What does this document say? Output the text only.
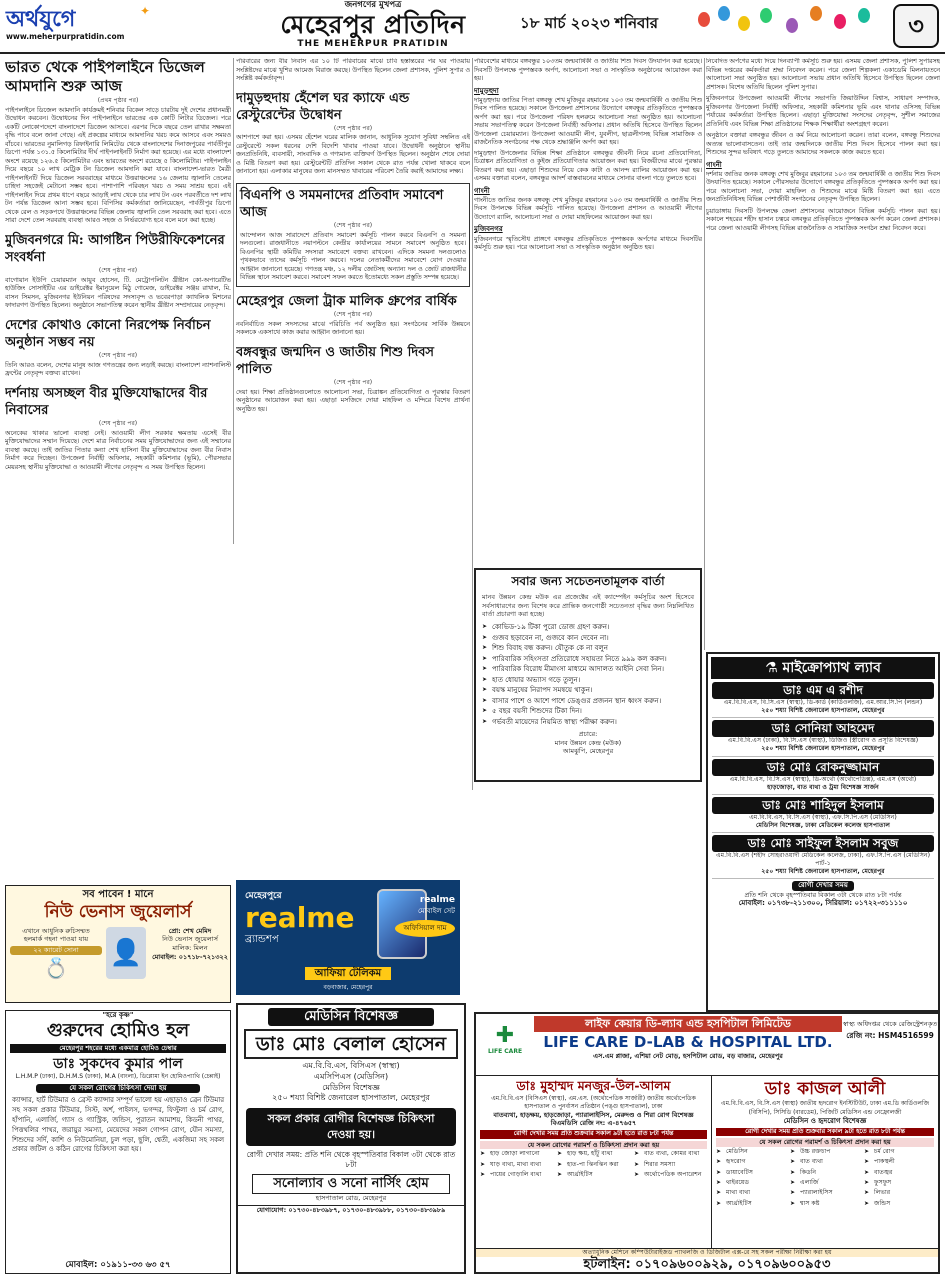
অর্থযুগে
www.meherpurpratidin.com
✦	জনগণের মুখপত্র
মেহেরপুর প্রতিদিন
THE MEHERPUR PRATIDIN
১৮ মার্চ ২০২৩ শনিবার	৩
ভারত থেকে পাইপলাইনে ডিজেল আমদানি শুরু আজ
(প্রথম পৃষ্ঠার পর)
পাইপলাইনে ডিজেল আমদানি কার্যক্রমই শনিবার বিকেল সাড়ে চারটায় দুই দেশের প্রধানমন্ত্রী উদ্বোধন করবেন। উদ্বোধনের দিন পাইপলাইনে ভারতের এক কোটি লিটার ডিজেল। পরে একটি লোকোপদেশে বাংলাদেশে ডিজেল আসবে। এরপর দিকে বছরে তেল রাখার সক্ষমতা বৃদ্ধি পাবে বলে জানা গেছে। এই প্রকল্পের মাধ্যমে আমদানির খরচ কমে আসবে এবং সময়ও বাঁচবে। ভারতের নুমালিগড় রিফাইনারি লিমিটেড থেকে বাংলাদেশের দিনাজপুরের পার্বতীপুর ডিপো পর্যন্ত ১৩১.৫ কিলোমিটার দীর্ঘ পাইপলাইনটি নির্মাণ করা হয়েছে। এর মধ্যে বাংলাদেশ অংশে রয়েছে ১২৬.৫ কিলোমিটার এবং ভারতের অংশে রয়েছে ৫ কিলোমিটার। পাইপলাইন দিয়ে বছরে ১০ লাখ মেট্রিক টন ডিজেল আমদানি করা যাবে। বাংলাদেশ-ভারত মৈত্রী পাইপলাইনটি দিয়ে ডিজেল সরবরাহের মাধ্যমে উত্তরাঞ্চলের ১৬ জেলায় জ্বালানি তেলের চাহিদা সহজেই মেটানো সম্ভব হবে। পাশাপাশি পরিবহন খরচ ও সময় সাশ্রয় হবে। এই পাইপলাইন দিয়ে প্রথম ধাপে বছরে আড়াই লাখ থেকে চার লাখ টন এবং পরবর্তীতে দশ লাখ টন পর্যন্ত ডিজেল আনা সম্ভব হবে। বিপিসির কর্মকর্তারা জানিয়েছেন, পার্বতীপুর ডিপো থেকে রেল ও সড়কপথে উত্তরাঞ্চলের বিভিন্ন জেলায় জ্বালানি তেল সরবরাহ করা হবে। এতে সারা দেশে তেল সরবরাহ ব্যবস্থা আরও সহজ ও নির্ভরযোগ্য হবে বলে মনে করা হচ্ছে।
মুজিবনগরে মি: আগষ্টিন পিউরীফিকেশনের সংবর্ধনা
(শেষ পৃষ্ঠার পর)
বাগোয়ান ইউপি চেয়ারম্যান আয়ুব হোসেন, টি. মেট্রোপলিটন খ্রীষ্টান কো-অপারেটিভ হাউজিং সোসাইটির এর ডাইরেক্টর ইমানুয়েল মিঠু গোমেজ, ডাইরেক্টর সঞ্জয় রাখাল, মি. বাসন সিমসন, মুজিবনগর ইউনিয়ন পরিষদের সদস্যবৃন্দ ও ভবেরপাড়া ক্যাথলিক মিশনের ফাদারগণ উপস্থিত ছিলেন। অনুষ্ঠানে সভাপতিত্ব করেন স্থানীয় খ্রীষ্টান সম্প্রদায়ের নেতৃবৃন্দ।
দেশের কোথাও কোনো নিরপেক্ষ নির্বাচন অনুষ্ঠান সম্ভব নয়
(শেষ পৃষ্ঠার পর)
তিনি আরও বলেন, দেশের মানুষ আজ গণতন্ত্রের জন্য লড়াই করছে। বাংলাদেশ ন্যাশনালিস্ট ফ্রন্টের নেতৃবৃন্দ বক্তব্য রাখেন।
দর্শনায় অসচ্ছল বীর মুক্তিযোদ্ধাদের বীর নিবাসের
(শেষ পৃষ্ঠার পর)
অনেকের থাকার ভালো ব্যবস্থা নেই। আওয়ামী লীগ সরকার ক্ষমতায় এসেই বীর মুক্তিযোদ্ধাদের সম্মান দিয়েছে। দেশে মাত্র নির্বাচনের সময় মুক্তিযোদ্ধাদের জন্য এই সম্মানের ব্যবস্থা করছে। তাই জাতির পিতার কন্যা শেখ হাসিনা বীর মুক্তিযোদ্ধাদের জন্য বীর নিবাস নির্মাণ করে দিচ্ছেন। উপজেলা নির্বাহী অফিসার, সহকারী কমিশনার (ভূমি), পৌরসভার মেয়রসহ স্থানীয় মুক্তিযোদ্ধা ও আওয়ামী লীগের নেতৃবৃন্দ এ সময় উপস্থিত ছিলেন।
পরিবারের জন্য বীর নিবাস এর ১০ টি পরিবারের মাঝে চাবি হস্তান্তরের পর ঘর পাওয়ায় সংশ্লিষ্টদের মাঝে খুশির আমেজ বিরাজ করছে। উপস্থিত ছিলেন জেলা প্রশাসক, পুলিশ সুপার ও সংশ্লিষ্ট কর্মকর্তাবৃন্দ।
দামুড়হুদায় হেঁশেল ঘর ক্যাফে এন্ড রেস্টুরেন্টের উদ্বোধন
(শেষ পৃষ্ঠার পর)
আশপাশে করা হয়। এসময় হেঁশেল ঘরের মালিক জানান, আধুনিক সুযোগ সুবিধা সম্বলিত এই রেস্টুরেন্টে সকল ধরনের দেশি বিদেশি খাবার পাওয়া যাবে। উদ্বোধনী অনুষ্ঠানে স্থানীয় জনপ্রতিনিধি, ব্যবসায়ী, সাংবাদিক ও গণ্যমান্য ব্যক্তিবর্গ উপস্থিত ছিলেন। অনুষ্ঠান শেষে দোয়া ও মিষ্টি বিতরণ করা হয়। রেস্টুরেন্টটি প্রতিদিন সকাল থেকে রাত পর্যন্ত খোলা থাকবে বলে জানানো হয়। এলাকার মানুষের জন্য মানসম্মত খাবারের পরিবেশ তৈরি করাই আমাদের লক্ষ্য।
বিএনপি ও সমমনাদের প্রতিবাদ সমাবেশ আজ
(শেষ পৃষ্ঠার পর)
আন্দোলন আজ সারাদেশে প্রতিবাদ সমাবেশ কর্মসূচি পালন করবে বিএনপি ও সমমনা দলগুলো। রাজধানীতে নয়াপল্টনে কেন্দ্রীয় কার্যালয়ের সামনে সমাবেশ অনুষ্ঠিত হবে। বিএনপির স্থায়ী কমিটির সদস্যরা সমাবেশে বক্তব্য রাখবেন। এদিকে সমমনা দলগুলোও পৃথকভাবে তাদের কর্মসূচি পালন করবে। দলের নেতাকর্মীদের সমাবেশে যোগ দেওয়ার আহ্বান জানানো হয়েছে। গণতন্ত্র মঞ্চ, ১২ দলীয় জোটসহ অন্যান্য দল ও জোট রাজধানীর বিভিন্ন স্থানে সমাবেশ করবে। সমাবেশ সফল করতে ইতোমধ্যে সকল প্রস্তুতি সম্পন্ন হয়েছে।
মেহেরপুর জেলা ট্রাক মালিক গ্রুপের বার্ষিক
(শেষ পৃষ্ঠার পর)
নবনির্বাচিত সকল সদস্যদের মাঝে পরিচিতি পর্ব অনুষ্ঠিত হয়। সংগঠনের সার্বিক উন্নয়নে সকলকে একসাথে কাজ করার আহ্বান জানানো হয়।
বঙ্গবন্ধুর জন্মদিন ও জাতীয় শিশু দিবস পালিত
(শেষ পৃষ্ঠার পর)
দেয়া হয়। শিক্ষা প্রতিষ্ঠানগুলোতে আলোচনা সভা, চিত্রাঙ্কন প্রতিযোগিতা ও পুরস্কার বিতরণ অনুষ্ঠানের আয়োজন করা হয়। এছাড়া মসজিদে দোয়া মাহফিল ও মন্দিরে বিশেষ প্রার্থনা অনুষ্ঠিত হয়।
পরিবেশের মাধ্যমে বঙ্গবন্ধুর ১০৩তম জন্মবার্ষিকী ও জাতীয় শিশু দিবস উদযাপন করা হয়েছে। দিবসটি উপলক্ষে পুষ্পস্তবক অর্পণ, আলোচনা সভা ও সাংস্কৃতিক অনুষ্ঠানের আয়োজন করা হয়।
দামুড়হুদা
দামুড়হুদায় জাতির পিতা বঙ্গবন্ধু শেখ মুজিবুর রহমানের ১০৩ তম জন্মবার্ষিকী ও জাতীয় শিশু দিবস পালিত হয়েছে। সকালে উপজেলা প্রশাসনের উদ্যোগে বঙ্গবন্ধুর প্রতিকৃতিতে পুষ্পস্তবক অর্পণ করা হয়। পরে উপজেলা পরিষদ হলরুমে আলোচনা সভা অনুষ্ঠিত হয়। আলোচনা সভায় সভাপতিত্ব করেন উপজেলা নির্বাহী অফিসার। প্রধান অতিথি হিসেবে উপস্থিত ছিলেন উপজেলা চেয়ারম্যান। উপজেলা আওয়ামী লীগ, যুবলীগ, ছাত্রলীগসহ বিভিন্ন সামাজিক ও রাজনৈতিক সংগঠনের পক্ষ থেকে শ্রদ্ধাঞ্জলি অর্পণ করা হয়।
দামুড়হুদা উপজেলার বিভিন্ন শিক্ষা প্রতিষ্ঠানে বঙ্গবন্ধুর জীবনী নিয়ে রচনা প্রতিযোগিতা, চিত্রাঙ্কন প্রতিযোগিতা ও কুইজ প্রতিযোগিতার আয়োজন করা হয়। বিজয়ীদের মাঝে পুরস্কার বিতরণ করা হয়। এছাড়া শিশুদের নিয়ে কেক কাটা ও আনন্দ র‍্যালির আয়োজন করা হয়। এসময় বক্তারা বলেন, বঙ্গবন্ধুর আদর্শ বাস্তবায়নের মাধ্যমে সোনার বাংলা গড়ে তুলতে হবে।
গাংনী
গাংনীতে জাতির জনক বঙ্গবন্ধু শেখ মুজিবুর রহমানের ১০৩ তম জন্মবার্ষিকী ও জাতীয় শিশু দিবস উপলক্ষে বিভিন্ন কর্মসূচি পালিত হয়েছে। উপজেলা প্রশাসন ও আওয়ামী লীগের উদ্যোগে র‍্যালি, আলোচনা সভা ও দোয়া মাহফিলের আয়োজন করা হয়।
মুজিবনগর
মুজিবনগরে স্মৃতিসৌধ প্রাঙ্গণে বঙ্গবন্ধুর প্রতিকৃতিতে পুষ্পস্তবক অর্পণের মাধ্যমে দিবসটির কর্মসূচি শুরু হয়। পরে আলোচনা সভা ও সাংস্কৃতিক অনুষ্ঠান অনুষ্ঠিত হয়।
সবার জন্য সচেতনতামূলক বার্তা
মানব উন্নয়ন কেন্দ্র মউক এর প্রজেক্টের এই ক্যাম্পেইন কর্মসূচির অংশ হিসেবে সর্বসাধারণের জন্য বিশেষ করে প্রান্তিক জনগোষ্ঠী সচেতনতা বৃদ্ধির জন্য নিম্নলিখিত বার্তা প্রচারণা করা হচ্ছে।
➤ কোভিড-১৯ টিকা পুরো ডোজ গ্রহণ করুন।
➤ গুজব ছড়াবেন না, গুজবে কান দেবেন না।
➤ শিশু বিবাহ বন্ধ করুন। যৌতুক কে না বলুন
➤ পারিবারিক সহিংসতা প্রতিরোধে সহায়তা নিতে ৯৯৯ কল করুন।
➤ পারিবারিক বিরোধ মীমাংসা মাধ্যমে আদালত আইনি সেবা নিন।
➤ হাত ধোয়ার অভ্যাস গড়ে তুলুন।
➤ বয়স্ক মানুষের নিরাপদ সমন্বয়ে থাকুন।
➤ বাসার পাশে ও আশে পাশে ডেঙ্গুর প্রজনন স্থান ধ্বংস করুন।
➤ ৫ বছর বয়সী শিশুদের টিকা দিন।
➤ গর্ভবতী মায়েদের নিয়মিত স্বাস্থ্য পরীক্ষা করুন।
প্রচারে:
মানব উন্নয়ন কেন্দ্র (মউক)
আমঝুপি, মেহেরপুর
নিবেদিত অর্পণের মধ্যে দিয়ে দিনব্যাপী কর্মসূচি শুরু হয়। এসময় জেলা প্রশাসক, পুলিশ সুপারসহ বিভিন্ন দপ্তরের কর্মকর্তারা শ্রদ্ধা নিবেদন করেন। পরে জেলা শিল্পকলা একাডেমি মিলনায়তনে আলোচনা সভা অনুষ্ঠিত হয়। আলোচনা সভায় প্রধান অতিথি হিসেবে উপস্থিত ছিলেন জেলা প্রশাসক। বিশেষ অতিথি ছিলেন পুলিশ সুপার।
মুজিবনগরে উপজেলা আওয়ামী লীগের সভাপতি জিয়াউদ্দিন বিশ্বাস, সাধারণ সম্পাদক, মুজিবনগর উপজেলা নির্বাহী অফিসার, সহকারী কমিশনার ভূমি এবং থানার ওসিসহ বিভিন্ন পর্যায়ের কর্মকর্তারা উপস্থিত ছিলেন। এছাড়া মুক্তিযোদ্ধা সংসদের নেতৃবৃন্দ, সুশীল সমাজের প্রতিনিধি এবং বিভিন্ন শিক্ষা প্রতিষ্ঠানের শিক্ষক শিক্ষার্থীরা অংশগ্রহণ করেন।
অনুষ্ঠানে বক্তারা বঙ্গবন্ধুর জীবন ও কর্ম নিয়ে আলোচনা করেন। তারা বলেন, বঙ্গবন্ধু শিশুদের অত্যন্ত ভালোবাসতেন। তাই তার জন্মদিনকে জাতীয় শিশু দিবস হিসেবে পালন করা হয়। শিশুদের সুন্দর ভবিষ্যৎ গড়ে তুলতে আমাদের সকলকে কাজ করতে হবে।
গাংনী
দর্শনায় জাতির জনক বঙ্গবন্ধু শেখ মুজিবুর রহমানের ১০৩ তম জন্মবার্ষিকী ও জাতীয় শিশু দিবস উদযাপিত হয়েছে। সকালে পৌরসভার উদ্যোগে বঙ্গবন্ধুর প্রতিকৃতিতে পুষ্পস্তবক অর্পণ করা হয়। পরে আলোচনা সভা, দোয়া মাহফিল ও শিশুদের মাঝে মিষ্টি বিতরণ করা হয়। এতে জনপ্রতিনিধিসহ বিভিন্ন পেশাজীবী সংগঠনের নেতৃবৃন্দ উপস্থিত ছিলেন।
চুয়াডাঙ্গায় দিবসটি উপলক্ষে জেলা প্রশাসনের আয়োজনে বিভিন্ন কর্মসূচি পালন করা হয়। সকালে শহরের শহীদ হাসান চত্বরে বঙ্গবন্ধুর প্রতিকৃতিতে পুষ্পস্তবক অর্পণ করেন জেলা প্রশাসক। পরে জেলা আওয়ামী লীগসহ বিভিন্ন রাজনৈতিক ও সামাজিক সংগঠন শ্রদ্ধা নিবেদন করে।
⚗ মাইক্রোপ্যাথ ল্যাব
ডাঃ এম এ রশীদ
এম.বি.বি.এস, বি.সি.এস (স্বাস্থ্য), ডি-কার্ড (কার্ডিওলজি), এম.আর.সি.পি (লন্ডন)
২৫০ শয্যা বিশিষ্ট জেনারেল হাসপাতাল, মেহেরপুর
ডাঃ সোনিয়া আহমেদ
এম.বি.বি.এস (ঢাকা), বি.সি.এস (স্বাস্থ্য), ডিজিও (স্ত্রীরোগ ও প্রসূতি বিশেষজ্ঞ)
২৫০ শয্যা বিশিষ্ট জেনারেল হাসপাতাল, মেহেরপুর
ডাঃ মোঃ রোকনুজ্জামান
এম.বি.বি.এস, বি.সি.এস (স্বাস্থ্য), ডি-অর্থো (অর্থোপেডিক্স), এম.এস (অর্থো)
হাড়জোড়া, বাত ব্যথা ও ট্রমা বিশেষজ্ঞ সার্জন
ডাঃ মোঃ শাহিদুল ইসলাম
এম.বি.বি.এস, বি.সি.এস (স্বাস্থ্য), এফ.সি.পি.এস (মেডিসিন)
মেডিসিন বিশেষজ্ঞ, ঢাকা মেডিকেল কলেজ হাসপাতাল
ডাঃ মোঃ সাইফুল ইসলাম সবুজ
এম.বি.বি.এস (শহীদ সোহরাওয়ার্দী মেডিকেল কলেজ, ঢাকা), এফ.সি.পি.এস (মেডিসিন) পার্ট-১
২৫০ শয্যা বিশিষ্ট জেনারেল হাসপাতাল, মেহেরপুর
রোগী দেখার সময়
প্রতি শনি থেকে বৃহস্পতিবার বিকাল ৩টা থেকে রাত ৮টা পর্যন্ত
মোবাইল: ০১৭৩৮-২১১৩০০, সিরিয়াল: ০১৭২২-৩১১১১০
সব পাবেন ! মানে
নিউ ভেনাস জুয়েলার্স
এখানে আধুনিক রুচিসম্মত
হলমার্ক গহনা পাওয়া যায়
২২ ক্যারেট সোনা
💍
👤
প্রো: শেখ মেমিদ
নিউ ভেনাস জুয়েলার্স
মালিক: মিলন
মোবাইল: ০১৭১৮-৭২১৩২২
"হরে কৃষ্ণ"
গুরুদেব হোমিও হল
মেহেরপুর শহরের মধ্যে একমাত্র হোমিও চেম্বার
ডাঃ সুকদেব কুমার পাল
L.H.M.P (ঢাকা), D.H.M.S (ঢাকা), M.A (বাংলা), ডিপ্লোমা ইন হোমিওপ্যাথি (চেন্নাই)
যে সকল রোগের চিকিৎসা দেয়া হয়
ক্যান্সার, হার্ট টিউমার ও ব্রেস্ট ক্যান্সার সম্পূর্ণ ভালো হয় এছাড়াও ব্রেন টিউমার সহ সকল প্রকার টিউমার, সিস্ট, অর্শ, পাইলস, ভগন্দর, ফিস্টুলা ও চর্ম রোগ, হাঁপানি, এলার্জি, গ্যাস ও গ্যাস্ট্রিক, জন্ডিস, পুরাতন আমাশয়, কিডনী পাথর, পিত্তথলির পাথর, জরায়ুর সমস্যা, মেয়েদের সকল গোপন রোগ, যৌন সমস্যা, শিশুদের সর্দি, কাশি ও নিউমোনিয়া, চুল পড়া, ছুলি, শ্বেতী, একজিমা সহ সকল প্রকার জটিল ও কঠিন রোগের চিকিৎসা করা হয়।
মোবাইল: ০১৯১১-৩৩ ৬৩ ৫৭
মেহেরপুরে
realme
ব্র্যান্ডশপ
realme
মোবাইল সেট
অফিসিয়াল দাম
আফিয়া টেলিকম
বড়বাজার, মেহেরপুর
মেডিসিন বিশেষজ্ঞ
ডাঃ মোঃ বেলাল হোসেন
এম.বি.বি.এস, বিসিএস (স্বাস্থ্য)
এমসিপিএস (মেডিসিন)
মেডিসিন বিশেষজ্ঞ
২৫০ শয্যা বিশিষ্ট জেনারেল হাসপাতাল, মেহেরপুর
সকল প্রকার রোগীর বিশেষজ্ঞ চিকিৎসা দেওয়া হয়।
রোগী দেখার সময়: প্রতি শনি থেকে বৃহস্পতিবার বিকাল ৩টা থেকে রাত ৮টা
সনোল্যাব ও সনো নার্সিং হোম
হাসপাতাল রোড, মেহেরপুর
যোগাযোগ: ০১৭৩০-৪৮৩৯৮৭, ০১৭৩০-৪৮৩৯৮৮, ০১৭৩০-৪৮৩৯৮৯
✚
LIFE CARE
লাইফ কেয়ার ডি-ল্যাব এন্ড হসপিটাল লিমিটেড
LIFE CARE D-LAB & HOSPITAL LTD.
এস.এম প্লাজা, এশিয়া নেট মোড়, হসপিটাল রোড, বড় বাজার, মেহেরপুর
স্বাস্থ্য অধিদপ্তর থেকে রেজিস্ট্রেশনকৃত
রেজি নং: HSM4516599
ডাঃ মুহাম্মদ মনজুর-উল-আলম
এম.বি.বি.এস (বিসিএস (স্বাস্থ্য), এম.এস. (অর্থোপেডিক সার্জারী) জাতীয় অর্থোপেডিক হাসপাতাল ও পুনর্বাসন প্রতিষ্ঠান (পঙ্গু হাসপাতাল), ঢাকা
বাতব্যথা, হাড়ক্ষয়, হাড়জোড়া, প্যারালাইসিস, মেরুদণ্ড ও শিরা রোগ বিশেষজ্ঞ
বিএমডিসি রেজি নং: এ-৪৭৬৫৭
রোগী দেখার সময় প্রতি শুক্রবার সকাল ৯টা হতে রাত ৮টা পর্যন্ত
যে সকল রোগের পরামর্শ ও চিকিৎসা প্রদান করা হয়
➤ হাড় জোড়া লাগানো	➤ হাড় ক্ষয়, হাঁটু ব্যথা	➤ বাত ব্যথা, কোমর ব্যথা
➤ ঘাড় ব্যথা, মাথা ব্যথা	➤ হাত-পা ঝিনঝিন করা	➤ শিরার সমস্যা
➤ পায়ের গোড়ালি ব্যথা	➤ আর্থ্রাইটিস	➤ অর্থোপেডিক অপারেশন
ডাঃ কাজল আলী
এম.বি.বি.এস, বি.সি.এস (স্বাস্থ্য) জাতীয় হৃদরোগ ইনস্টিটিউট, ঢাকা এম.ডি কার্ডিওলজি (বিসিপি), সিসিডি (বারডেম), পিজিটি মেডিসিন এন্ড নেফ্রোলজী
মেডিসিন ও হৃদরোগ বিশেষজ্ঞ
রোগী দেখার সময় প্রতি শুক্রবার সকাল ৯টা হতে রাত ৮টা পর্যন্ত
যে সকল রোগের পরামর্শ ও চিকিৎসা প্রদান করা হয়
➤ মেডিসিন	➤ উচ্চ রক্তচাপ	➤ চর্ম রোগ
➤ হৃদরোগ	➤ বাত ব্যথা	➤ পাকস্থলী
➤ ডায়াবেটিস	➤ কিডনি	➤ বাতজ্বর
➤ থাইরয়েড	➤ এলার্জি	➤ ফুসফুস
➤ মাথা ব্যথা	➤ প্যারালাইসিস	➤ লিভার
➤ আর্থ্রাইটিস	➤ শ্বাস কষ্ট	➤ জন্ডিস
অত্যাধুনিক মেশিনে কম্পিউটারাইজড প্যাথলজি ও ডিজিটাল এক্স-রে সহ সকল পরীক্ষা নিরীক্ষা করা হয়
হটলাইন: ০১৭০৯৬০০৯২৯, ০১৭০৯৬০০৯৫৩
